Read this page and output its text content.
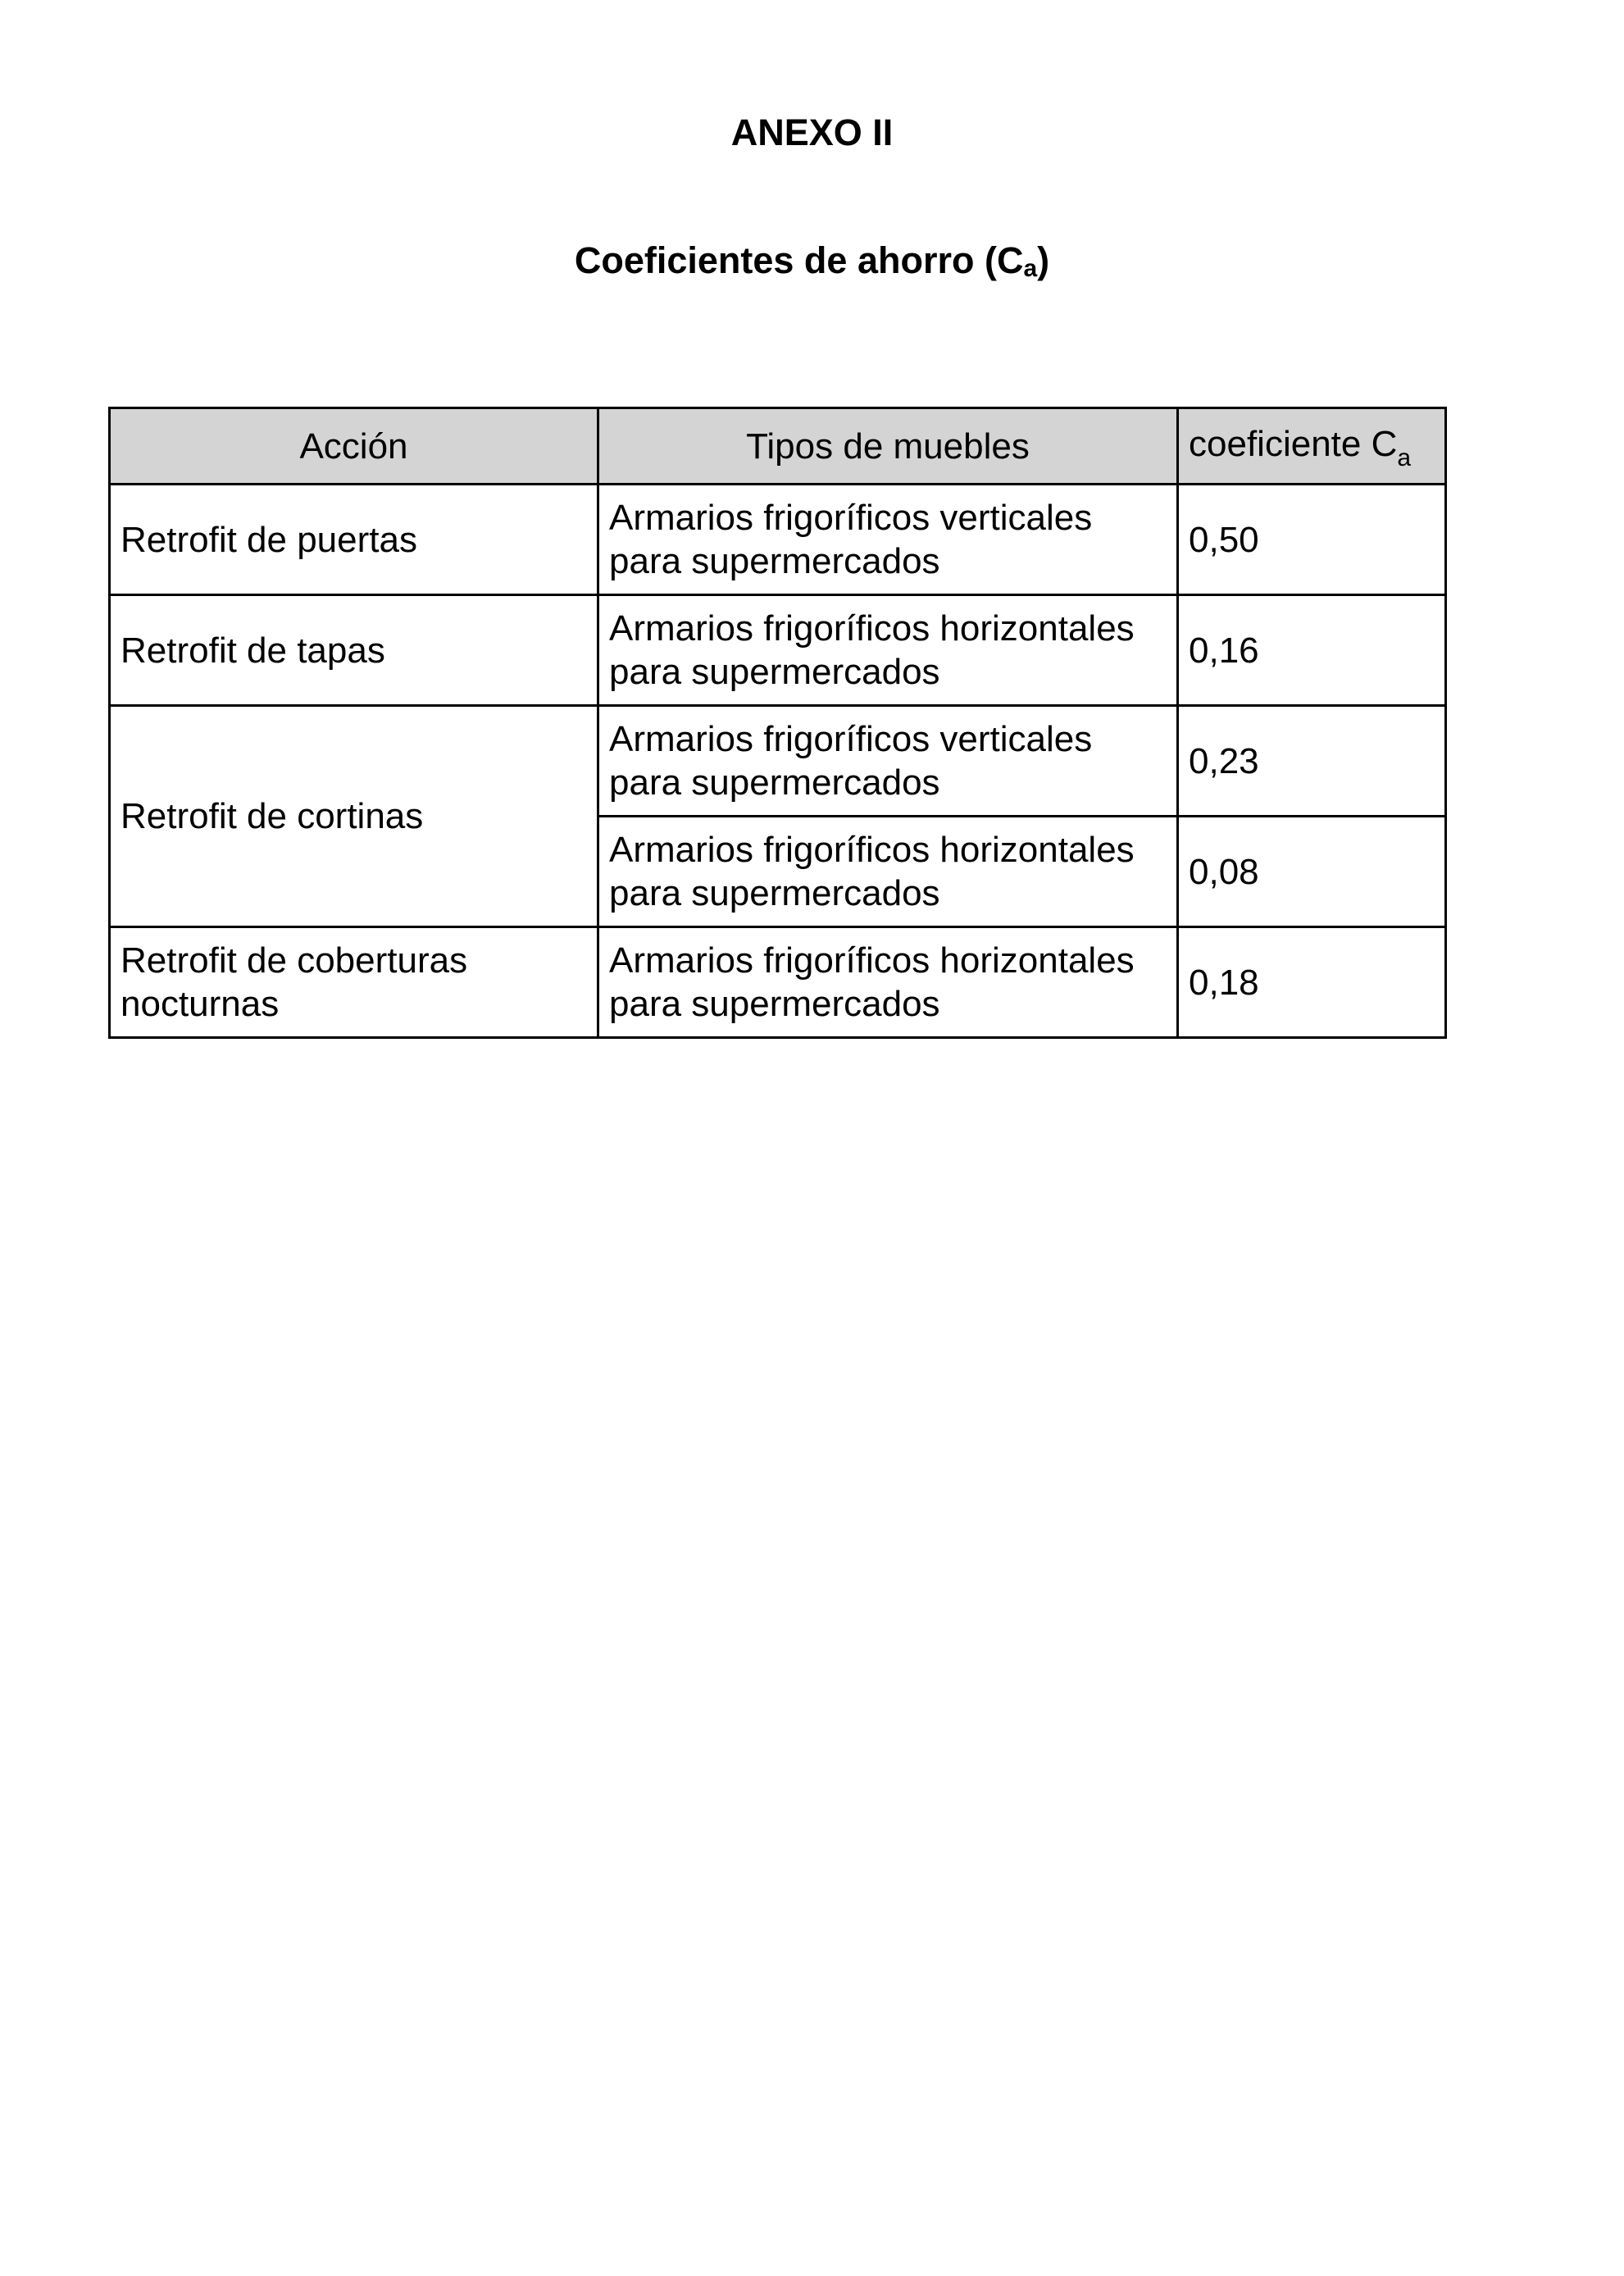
ANEXO II
Coeficientes de ahorro $(C_a)$
Acción	Tipos de muebles	coeficiente $C_a$
Retrofit de puertas	Armarios frigoríficos verticales para supermercados	0,50
Retrofit de tapas	Armarios frigoríficos horizontales para supermercados	0,16
Retrofit de cortinas	Armarios frigoríficos verticales para supermercados	0,23
	Armarios frigoríficos horizontales para supermercados	0,08
Retrofit de coberturas nocturnas	Armarios frigoríficos horizontales para supermercados	0,18
